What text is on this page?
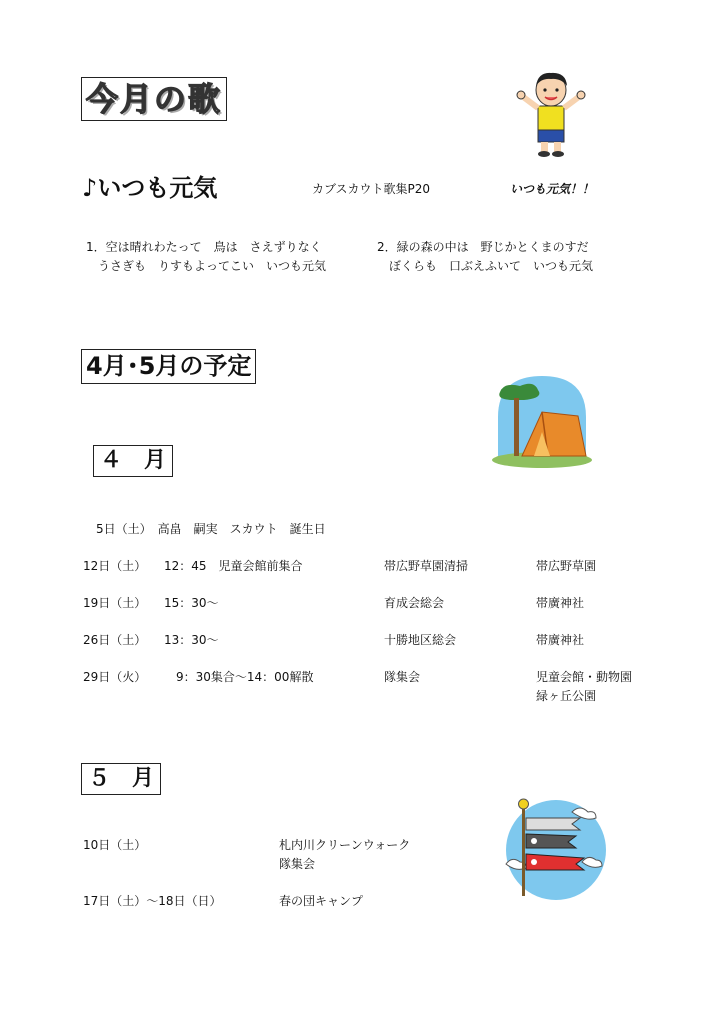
今月の歌
♪いつも元気	カブスカウト歌集P20	いつも元気！！
1．空は晴れわたって　鳥は　さえずりなく
　うさぎも　りすもよってこい　いつも元気
2．緑の森の中は　野じかとくまのすだ
　ぼくらも　口ぶえふいて　いつも元気
4月･5月の予定
４　月
5日（土）　高畠　嗣実　スカウト　誕生日
12日（土） 12：45　児童会館前集合	帯広野草園清掃	帯広野草園
19日（土） 15：30～	育成会総会	帯廣神社
26日（土） 13：30～	十勝地区総会	帯廣神社
29日（火） 9：30集合～14：00解散	隊集会	児童会館・動物園
緑ヶ丘公園
５　月
10日（土）	札内川クリーンウォーク
隊集会
17日（土）～18日（日）	春の団キャンプ
